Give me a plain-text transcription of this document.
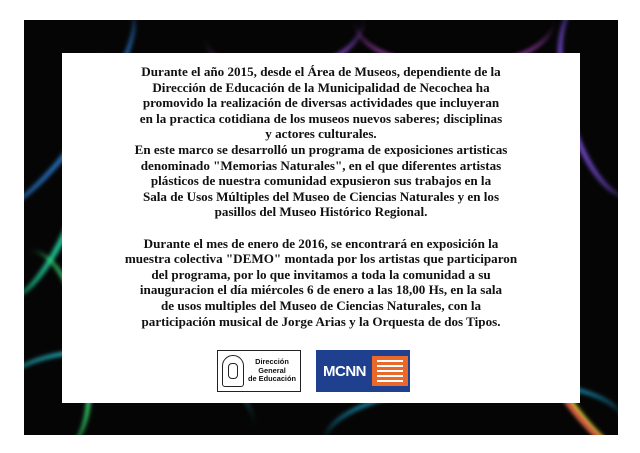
Durante el año 2015, desde el Área de Museos, dependiente de la
Dirección de Educación de la Municipalidad de Necochea ha
promovido la realización de diversas actividades que incluyeran
en la practica cotidiana de los museos nuevos saberes; disciplinas
y actores culturales.
En este marco se desarrolló un programa de exposiciones artisticas
denominado "Memorias Naturales", en el que diferentes artistas
plásticos de nuestra comunidad expusieron sus trabajos en la
Sala de Usos Múltiples del Museo de Ciencias Naturales y en los
pasillos del Museo Histórico Regional.

Durante el mes de enero de 2016, se encontrará en exposición la
muestra colectiva "DEMO" montada por los artistas que participaron
del programa, por lo que invitamos a toda la comunidad a su
inauguracion el día miércoles 6 de enero a las 18,00 Hs, en la sala
de usos multiples del Museo de Ciencias Naturales, con la
participación musical de Jorge Arias y la Orquesta de dos Tipos.

Dirección
General
de Educación MCNN
